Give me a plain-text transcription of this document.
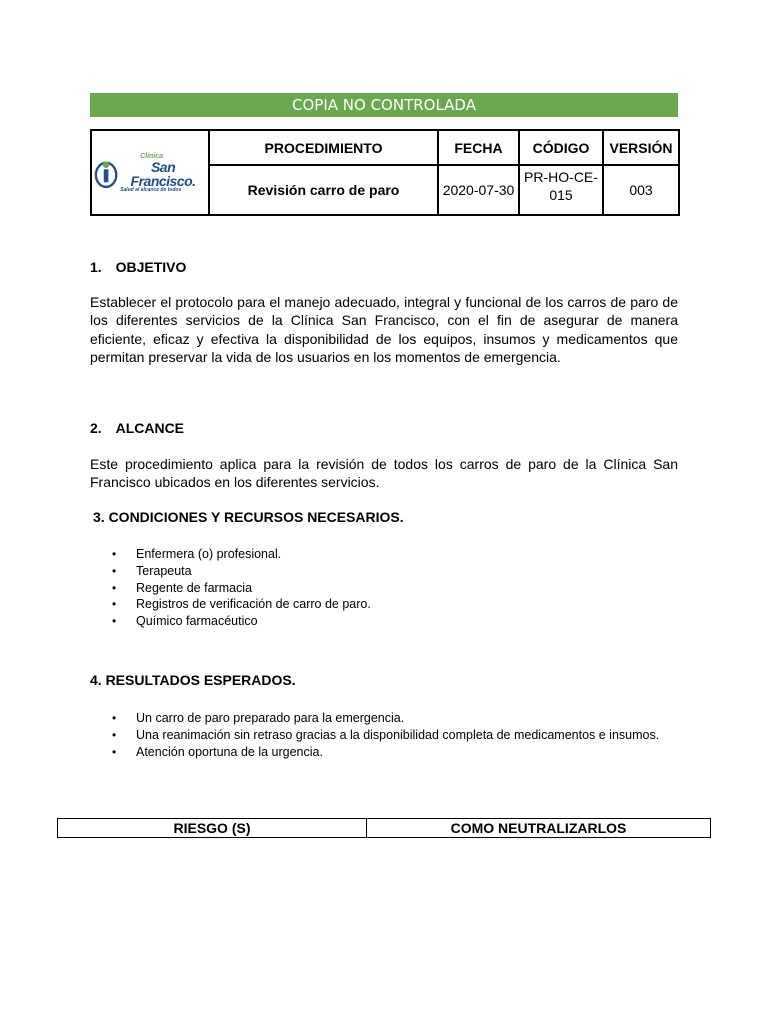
COPIA NO CONTROLADA
Clínica
San Francisco.
Salud al alcance de todos	PROCEDIMIENTO	FECHA	CÓDIGO	VERSIÓN
	Revisión carro de paro	2020-07-30	PR-HO-CE-015	003
1. OBJETIVO
Establecer el protocolo para el manejo adecuado, integral y funcional de los carros de paro de los diferentes servicios de la Clínica San Francisco, con el fin de asegurar de manera eficiente, eficaz y efectiva la disponibilidad de los equipos, insumos y medicamentos que permitan preservar la vida de los usuarios en los momentos de emergencia.
2. ALCANCE
Este procedimiento aplica para la revisión de todos los carros de paro de la Clínica San Francisco ubicados en los diferentes servicios.
3. CONDICIONES Y RECURSOS NECESARIOS.
• Enfermera (o) profesional.
• Terapeuta
• Regente de farmacia
• Registros de verificación de carro de paro.
• Químico farmacéutico
4. RESULTADOS ESPERADOS.
• Un carro de paro preparado para la emergencia.
• Una reanimación sin retraso gracias a la disponibilidad completa de medicamentos e insumos.
• Atención oportuna de la urgencia.
RIESGO (S)	COMO NEUTRALIZARLOS
